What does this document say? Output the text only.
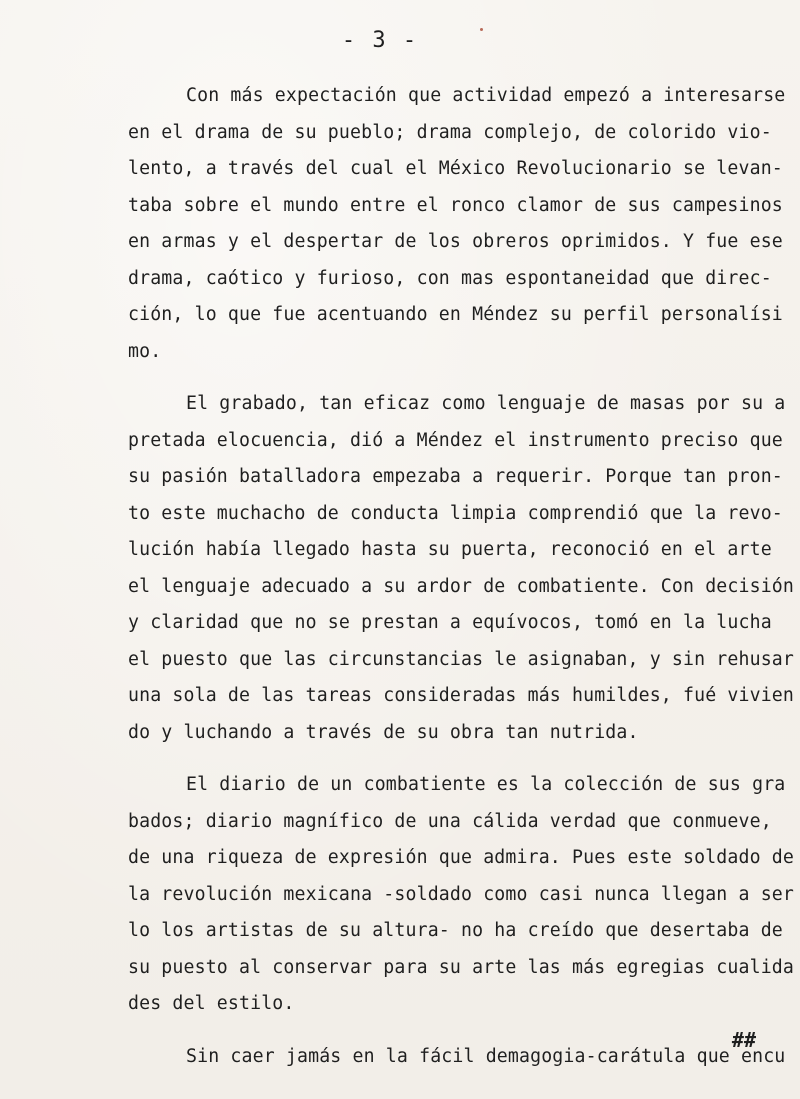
- 3 -
Con más expectación que actividad empezó a interesarse
en el drama de su pueblo; drama complejo, de colorido vio-
lento, a través del cual el México Revolucionario se levan-
taba sobre el mundo entre el ronco clamor de sus campesinos
en armas y el despertar de los obreros oprimidos. Y fue ese
drama, caótico y furioso, con mas espontaneidad que direc-
ción, lo que fue acentuando en Méndez su perfil personalísi
mo.
El grabado, tan eficaz como lenguaje de masas por su a
pretada elocuencia, dió a Méndez el instrumento preciso que
su pasión batalladora empezaba a requerir. Porque tan pron-
to este muchacho de conducta limpia comprendió que la revo-
lución había llegado hasta su puerta, reconoció en el arte
el lenguaje adecuado a su ardor de combatiente. Con decisión
y claridad que no se prestan a equívocos, tomó en la lucha
el puesto que las circunstancias le asignaban, y sin rehusar
una sola de las tareas consideradas más humildes, fué vivien
do y luchando a través de su obra tan nutrida.
El diario de un combatiente es la colección de sus gra
bados; diario magnífico de una cálida verdad que conmueve,
de una riqueza de expresión que admira. Pues este soldado de
la revolución mexicana -soldado como casi nunca llegan a ser
lo los artistas de su altura- no ha creído que desertaba de
su puesto al conservar para su arte las más egregias cualida
des del estilo.
Sin caer jamás en la fácil demagogia-carátula que encu
##
